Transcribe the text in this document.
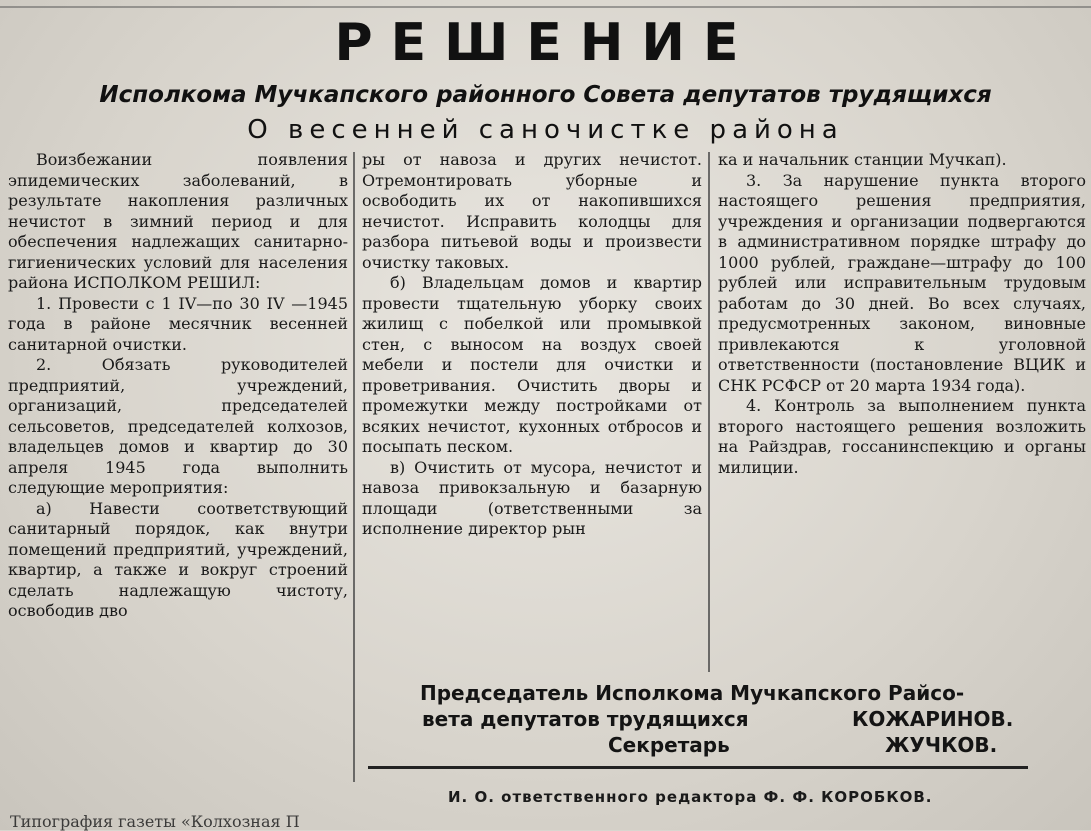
РЕШЕНИЕ
Исполкома Мучкапского районного Совета депутатов трудящихся
О весенней саночистке района

Воизбежании появления эпидемических заболеваний, в результате накопления различных нечистот в зимний период и для обеспечения надлежащих санитарно-гигиенических условий для населения района ИСПОЛКОМ РЕШИЛ:

1. Провести с 1 IV—по 30 IV —1945 года в районе месячник весенней санитарной очистки.

2. Обязать руководителей предприятий, учреждений, организаций, председателей сельсоветов, председателей колхозов, владельцев домов и квартир до 30 апреля 1945 года выполнить следующие мероприятия:

а) Навести соответствующий санитарный порядок, как внутри помещений предприятий, учреждений, квартир, а также и вокруг строений сделать надлежащую чистоту, освободив дво

ры от навоза и других нечистот. Отремонтировать уборные и освободить их от накопившихся нечистот. Исправить колодцы для разбора питьевой воды и произвести очистку таковых.

б) Владельцам домов и квартир провести тщательную уборку своих жилищ с побелкой или промывкой стен, с выносом на воздух своей мебели и постели для очистки и проветривания. Очистить дворы и промежутки между постройками от всяких нечистот, кухонных отбросов и посыпать песком.

в) Очистить от мусора, нечистот и навоза привокзальную и базарную площади (ответственными за исполнение директор рын

ка и начальник станции Мучкап).

3. За нарушение пункта второго настоящего решения предприятия, учреждения и организации подвергаются в административном порядке штрафу до 1000 рублей, граждане—штрафу до 100 рублей или исправительным трудовым работам до 30 дней. Во всех случаях, предусмотренных законом, виновные привлекаются к уголовной ответственности (постановление ВЦИК и СНК РСФСР от 20 марта 1934 года).

4. Контроль за выполнением пункта второго настоящего решения возложить на Райздрав, госсанинспекцию и органы милиции.

Председатель Исполкома Мучкапского Райсо-
вета депутатов трудящихся
Секретарь
КОЖАРИНОВ.
ЖУЧКОВ.
И. О. ответственного редактора Ф. Ф. КОРОБКОВ.
Типография газеты «Колхозная П
